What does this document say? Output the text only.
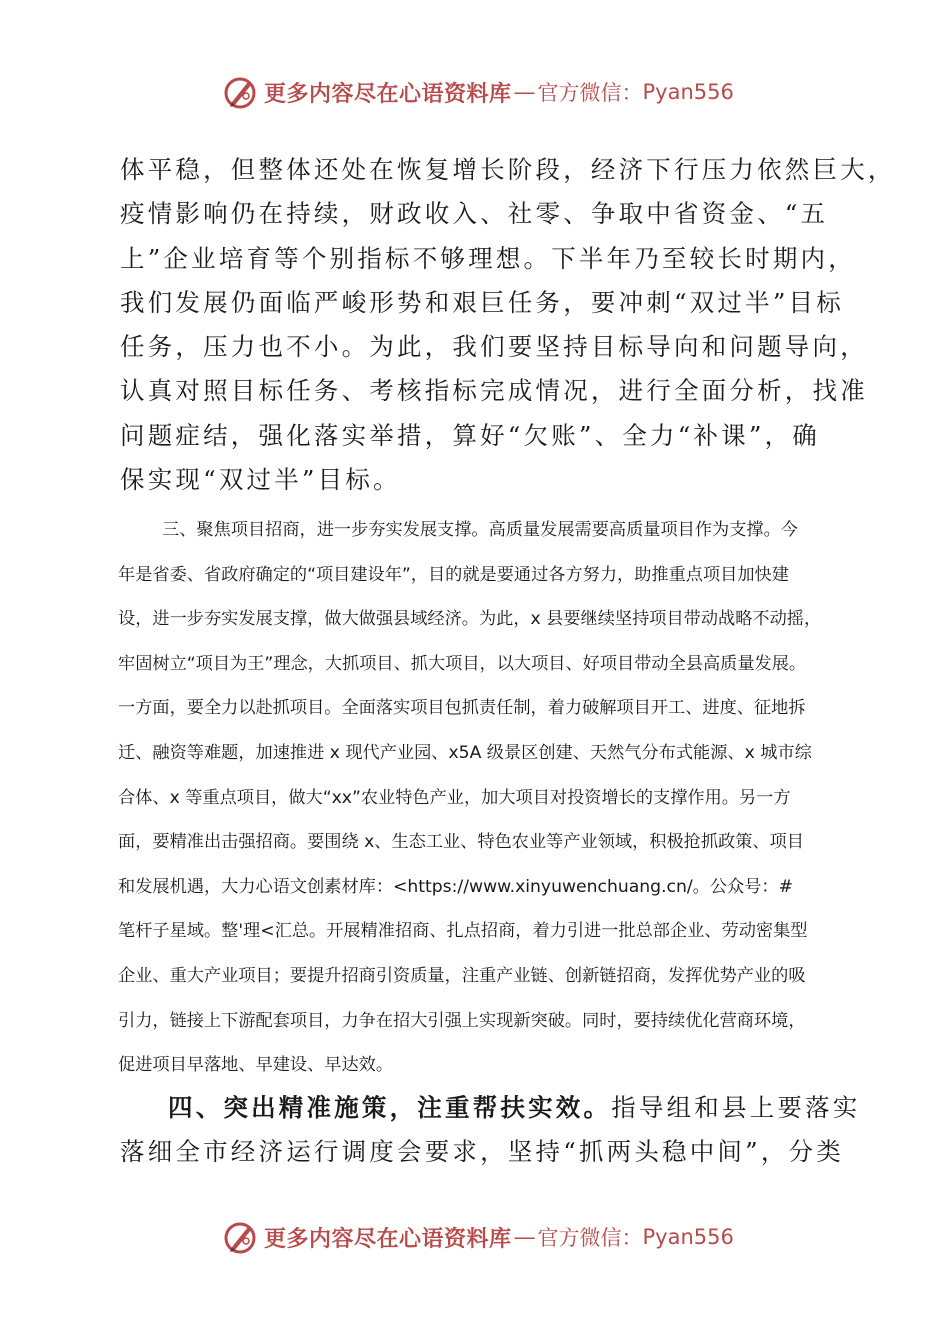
更多内容尽在心语资料库 — 官方微信： Pyan556
体平稳，但整体还处在恢复增长阶段，经济下行压力依然巨大，
疫情影响仍在持续，财政收入、社零、争取中省资金、“五
上”企业培育等个别指标不够理想。下半年乃至较长时期内，
我们发展仍面临严峻形势和艰巨任务，要冲刺“双过半”目标
任务，压力也不小。为此，我们要坚持目标导向和问题导向，
认真对照目标任务、考核指标完成情况，进行全面分析，找准
问题症结，强化落实举措，算好“欠账”、全力“补课”，确
保实现“双过半”目标。
三、聚焦项目招商，进一步夯实发展支撑。高质量发展需要高质量项目作为支撑。今
年是省委、省政府确定的“项目建设年”，目的就是要通过各方努力，助推重点项目加快建
设，进一步夯实发展支撑，做大做强县域经济。为此，x 县要继续坚持项目带动战略不动摇，
牢固树立“项目为王”理念，大抓项目、抓大项目，以大项目、好项目带动全县高质量发展。
一方面，要全力以赴抓项目。全面落实项目包抓责任制，着力破解项目开工、进度、征地拆
迁、融资等难题，加速推进 x 现代产业园、x5A 级景区创建、天然气分布式能源、x 城市综
合体、x 等重点项目，做大“xx”农业特色产业，加大项目对投资增长的支撑作用。另一方
面，要精准出击强招商。要围绕 x、生态工业、特色农业等产业领域，积极抢抓政策、项目
和发展机遇，大力心语文创素材库：<https://www.xinyuwenchuang.cn/。公众号：#
笔杆子星域。整'理<汇总。开展精准招商、扎点招商，着力引进一批总部企业、劳动密集型
企业、重大产业项目；要提升招商引资质量，注重产业链、创新链招商，发挥优势产业的吸
引力，链接上下游配套项目，力争在招大引强上实现新突破。同时，要持续优化营商环境，
促进项目早落地、早建设、早达效。
四、突出精准施策，注重帮扶实效。指导组和县上要落实
落细全市经济运行调度会要求，坚持“抓两头稳中间”，分类
更多内容尽在心语资料库 — 官方微信： Pyan556
